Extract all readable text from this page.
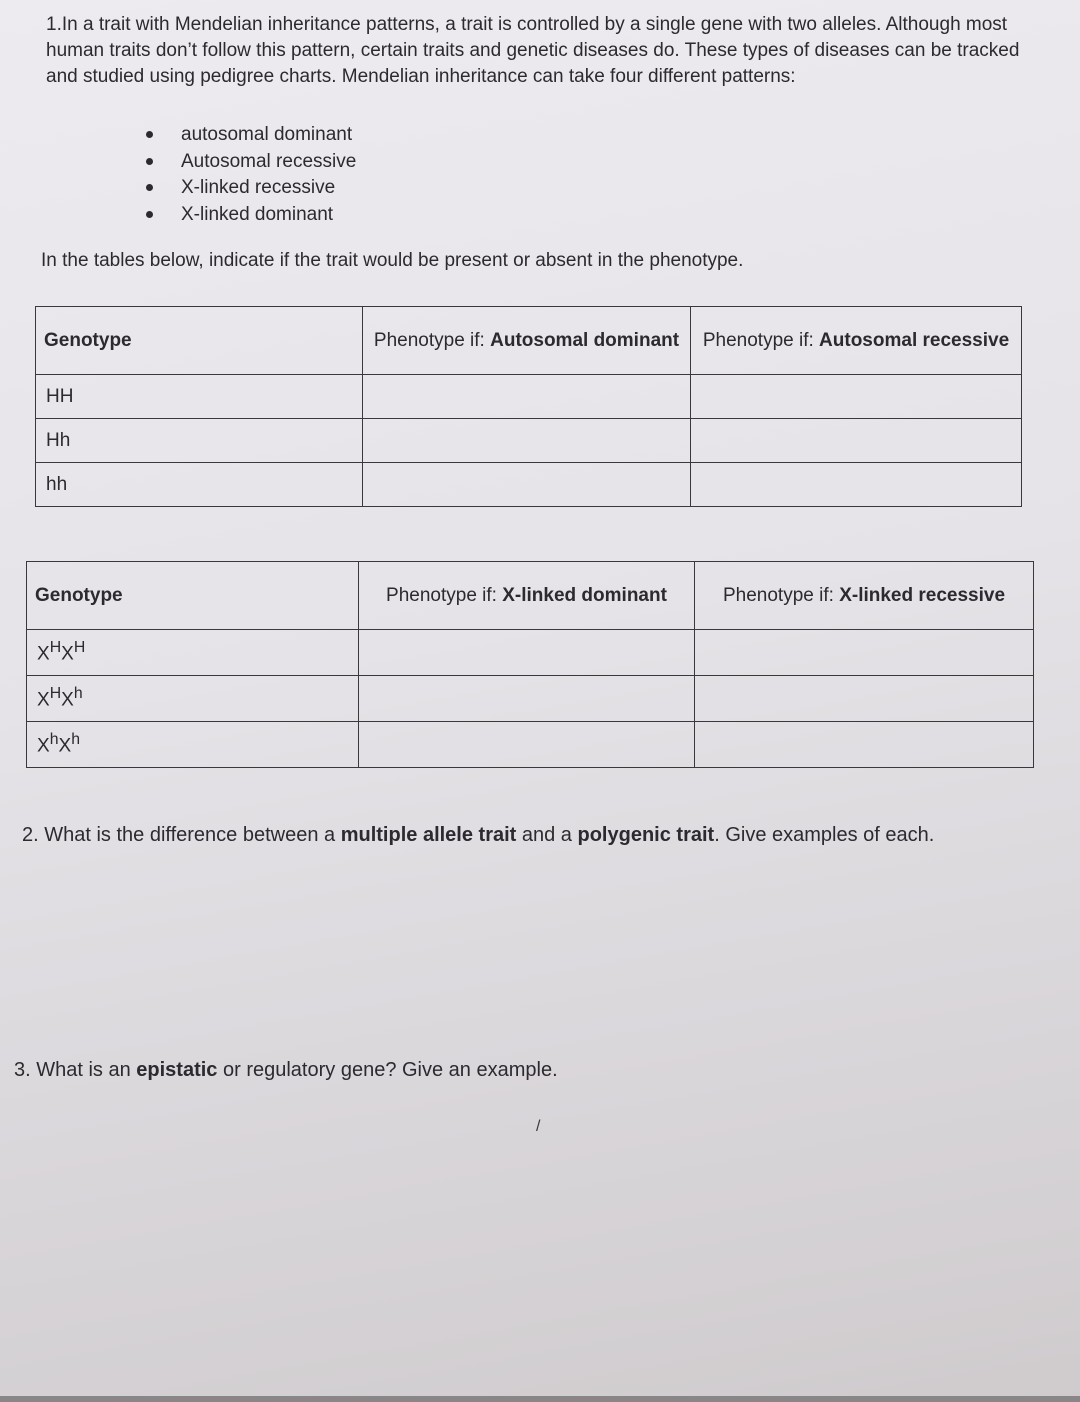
1.In a trait with Mendelian inheritance patterns, a trait is controlled by a single gene with two alleles. Although most human traits don’t follow this pattern, certain traits and genetic diseases do. These types of diseases can be tracked and studied using pedigree charts. Mendelian inheritance can take four different patterns:

autosomal dominant
Autosomal recessive
X-linked recessive
X-linked dominant

In the tables below, indicate if the trait would be present or absent in the phenotype.

Genotype	Phenotype if: Autosomal dominant	Phenotype if: Autosomal recessive
HH		
Hh		
hh		
Genotype	Phenotype if: X-linked dominant	Phenotype if: X-linked recessive
$X^HX^H$		
$X^HX^h$		
$X^hX^h$		

2. What is the difference between a multiple allele trait and a polygenic trait. Give examples of each.

3. What is an epistatic or regulatory gene? Give an example.

/
